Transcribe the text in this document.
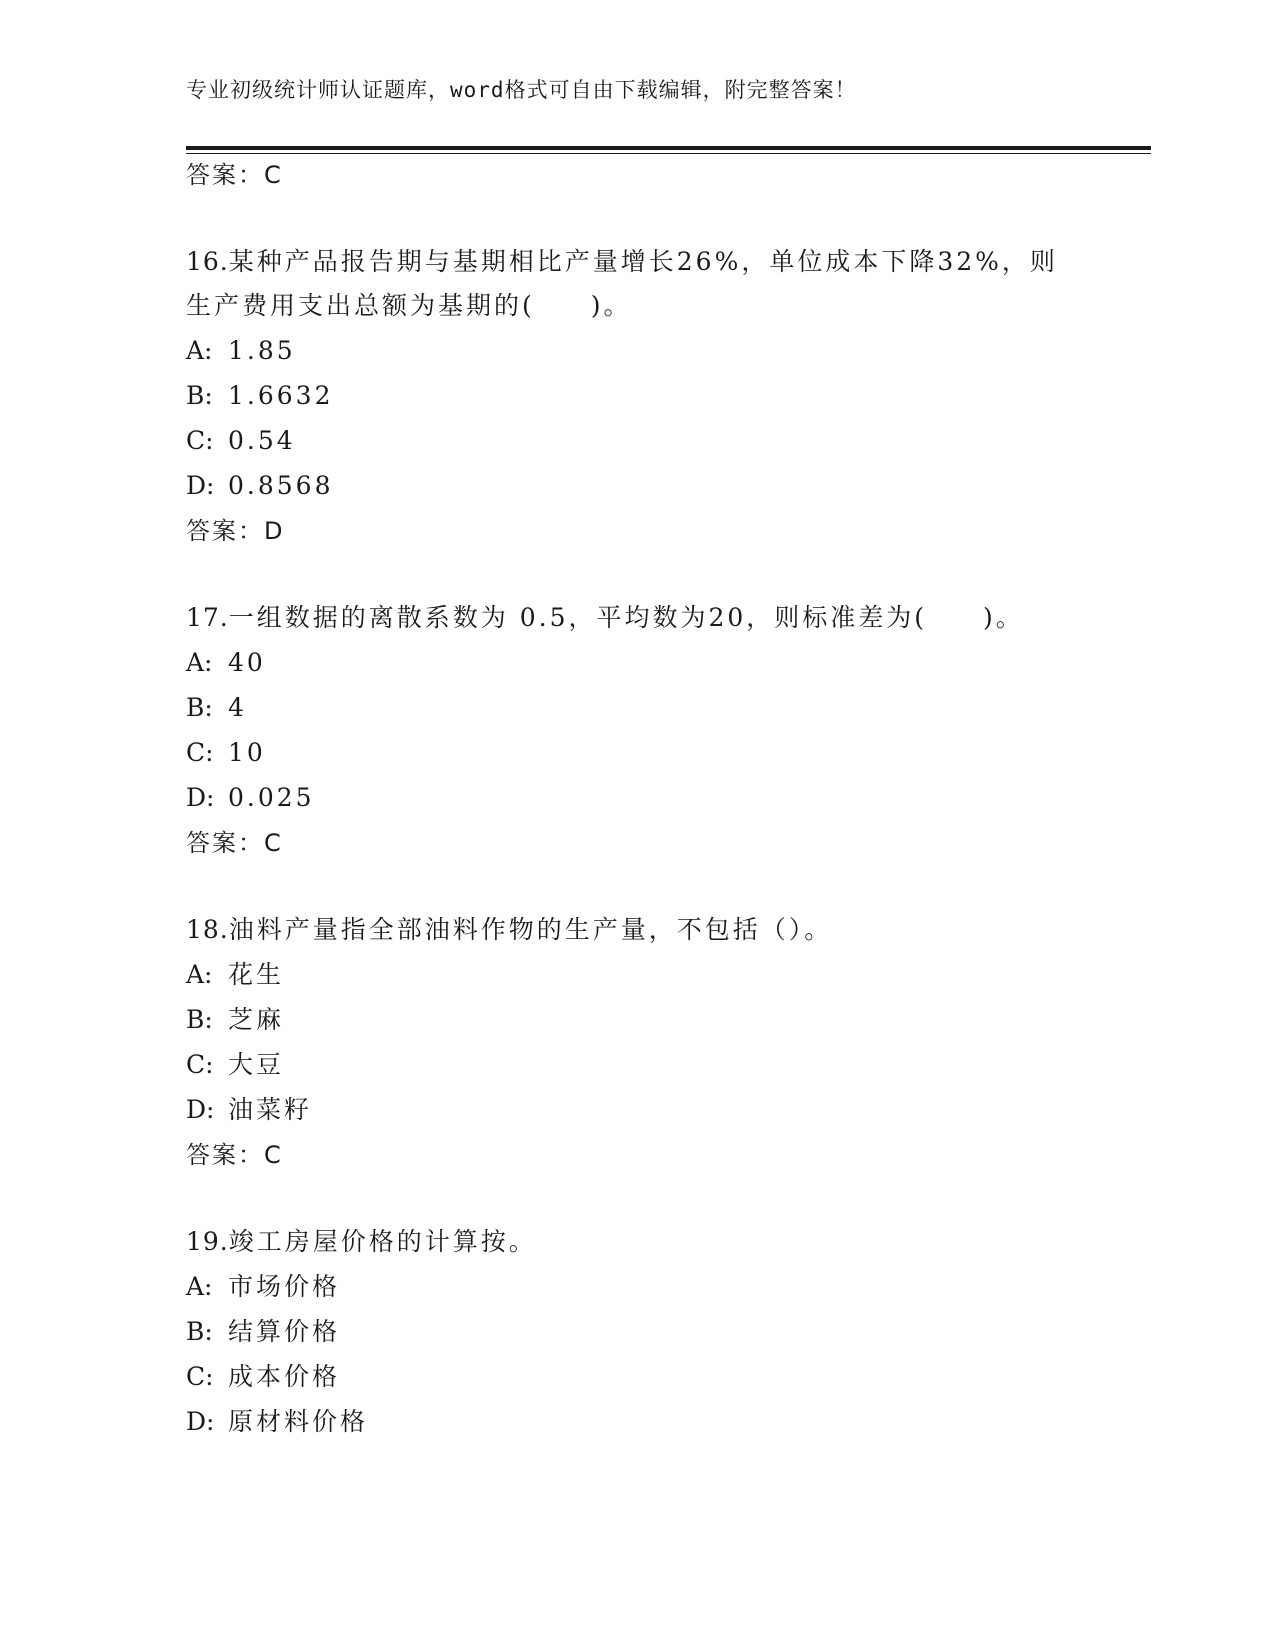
专业初级统计师认证题库，word格式可自由下载编辑，附完整答案！
答案：C
16.某种产品报告期与基期相比产量增长26%，单位成本下降32%，则
生产费用支出总额为基期的(　　)。
A: 1.85
B: 1.6632
C: 0.54
D: 0.8568
答案：D
17.一组数据的离散系数为 0.5，平均数为20，则标准差为(　　)。
A: 40
B: 4
C: 10
D: 0.025
答案：C
18.油料产量指全部油料作物的生产量，不包括（）。
A: 花生
B: 芝麻
C: 大豆
D: 油菜籽
答案：C
19.竣工房屋价格的计算按。
A: 市场价格
B: 结算价格
C: 成本价格
D: 原材料价格
